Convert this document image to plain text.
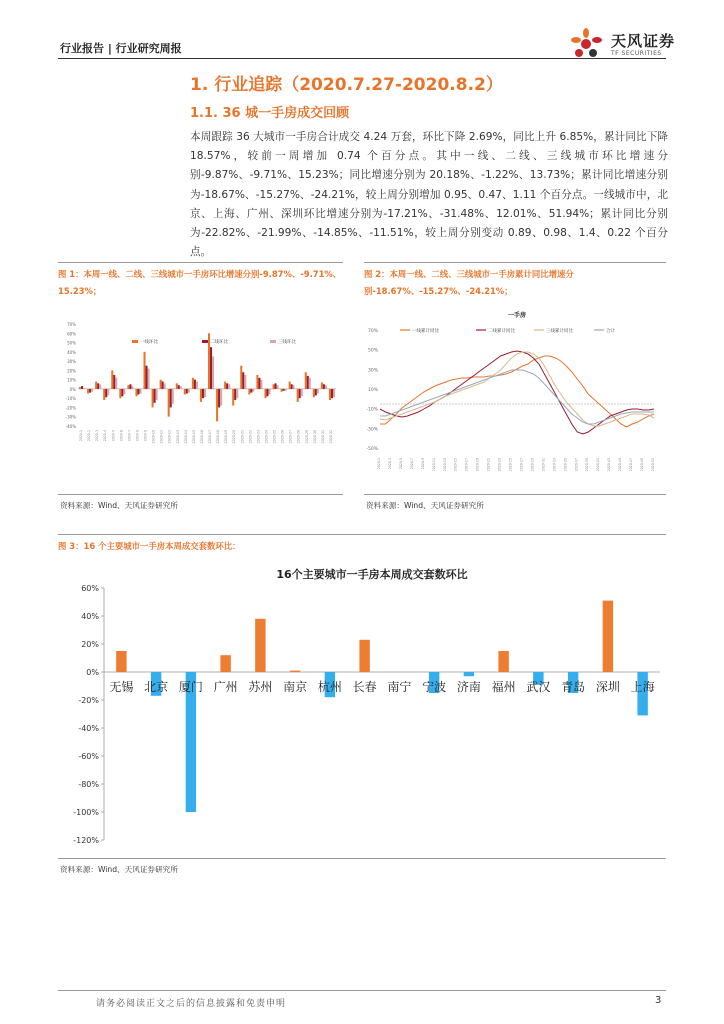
行业报告 | 行业研究周报	天风证券
TF SECURITIES
1. 行业追踪（2020.7.27-2020.8.2）
1.1. 36 城一手房成交回顾
本周跟踪 36 大城市一手房合计成交 4.24 万套，环比下降 2.69%，同比上升 6.85%，累计同比下降 18.57%，较前一周增加 0.74 个百分点。其中一线、二线、三线城市环比增速分别-9.87%、-9.71%、15.23%；同比增速分别为 20.18%、-1.22%、13.73%；累计同比增速分别为-18.67%、-15.27%、-24.21%，较上周分别增加 0.95、0.47、1.11 个百分点。一线城市中，北京、上海、广州、深圳环比增速分别为-17.21%、-31.48%、12.01%、51.94%；累计同比分别为-22.82%、-21.99%、-14.85%、-11.51%，较上周分别变动 0.89、0.98、1.4、0.22 个百分点。
图 1：本周一线、二线、三线城市一手房环比增速分别-9.87%、-9.71%、15.23%；
70%
60%
50%
40%
30%
20%
10%
0%
-10%
-20%
-30%
-40%
一线环比	二线环比	三线环比
2020-1 2020-2 2020-3 2020-4 2020-5 2020-6 2020-7 2020-8 2020-9 2020-10 2020-11 2020-12 2020-13 2020-14 2020-15 2020-16 2020-17 2020-18 2020-19 2020-20 2020-21 2020-22 2020-23 2020-24 2020-25 2020-26 2020-27 2020-28 2020-29 2020-30 2020-31 2020-32
资料来源：Wind、天风证券研究所
图 2：本周一线、二线、三线城市一手房累计同比增速分别-18.67%、-15.27%、-24.21%；
一手房
70%
50%
30%
10%
-10%
-30%
-50%
一线累计同比	二线累计同比	三线累计同比	合计
2020-1 2020-3 2020-5 2020-7 2020-9 2020-11 2020-13 2020-15 2020-17 2020-19 2020-21 2020-23 2020-25 2020-27 2020-29 2020-31 2020-33 2020-35 2020-37 2020-39 2020-41 2020-43 2020-45 2020-47 2020-49 2020-51
资料来源：Wind、天风证券研究所
图 3：16 个主要城市一手房本周成交套数环比：
16个主要城市一手房本周成交套数环比
60%
40%
20%
0%
-20%
-40%
-60%
-80%
-100%
-120%
无锡 北京 厦门 广州 苏州 南京 杭州 长春 南宁 宁波 济南 福州 武汉 青岛 深圳 上海
资料来源：Wind、天风证券研究所
请务必阅读正文之后的信息披露和免责申明	3
